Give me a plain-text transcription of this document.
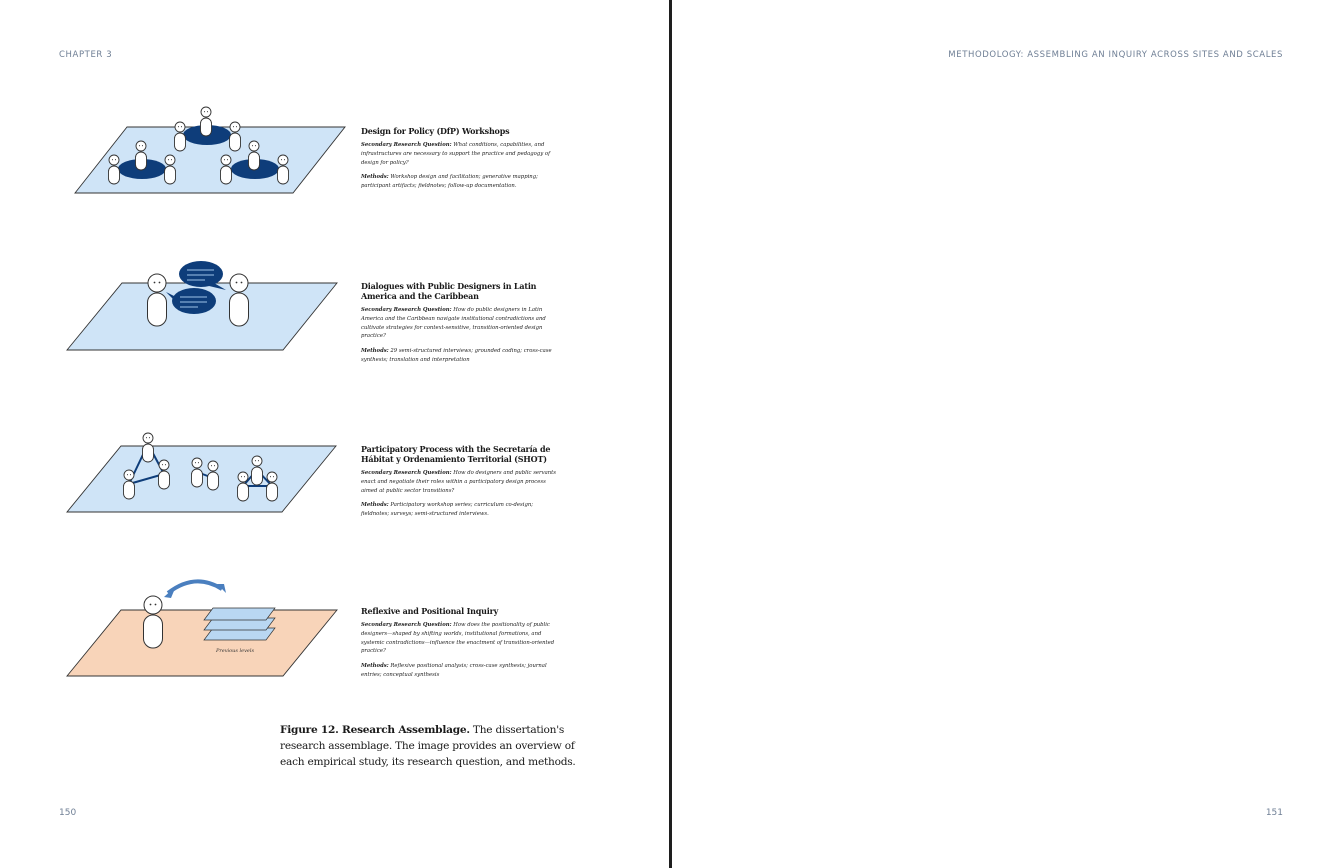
CHAPTER 3
Previous levels
Design for Policy (DfP) Workshops

Secondary Research Question: What conditions, capabilities, and infrastructures are necessary to support the practice and pedagogy of design for policy?

Methods: Workshop design and facilitation; generative mapping; participant artifacts; fieldnotes; follow-up documentation.

Dialogues with Public Designers in Latin America and the Caribbean

Secondary Research Question: How do public designers in Latin America and the Caribbean navigate institutional contradictions and cultivate strategies for context-sensitive, transition-oriented design practice?

Methods: 29 semi-structured interviews; grounded coding; cross-case synthesis; translation and interpretation

Participatory Process with the Secretaría de Hábitat y Ordenamiento Territorial (SHOT)

Secondary Research Question: How do designers and public servants enact and negotiate their roles within a participatory design process aimed at public sector transitions?

Methods: Participatory workshop series; curriculum co-design; fieldnotes; surveys; semi-structured interviews.

Reflexive and Positional Inquiry

Secondary Research Question: How does the positionality of public designers—shaped by shifting worlds, institutional formations, and systemic contradictions—influence the enactment of transition-oriented practice?

Methods: Reflexive positional analysis; cross-case synthesis; journal entries; conceptual synthesis

Figure 12. Research Assemblage. The dissertation's research assemblage. The image provides an overview of each empirical study, its research question, and methods.
150
METHODOLOGY: ASSEMBLING AN INQUIRY ACROSS SITES AND SCALES
151
